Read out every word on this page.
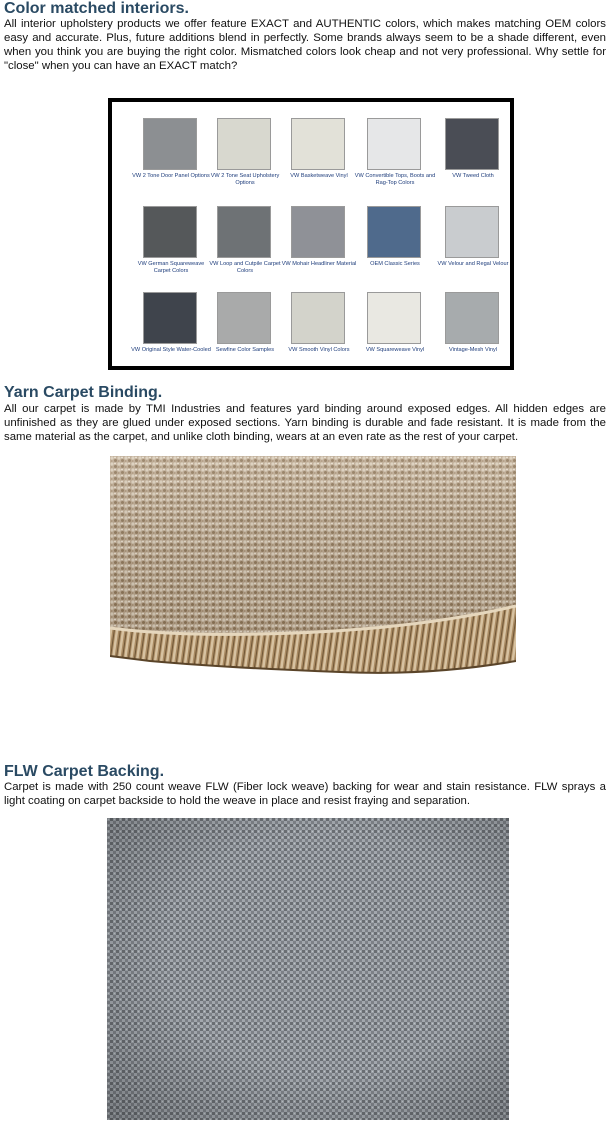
Color matched interiors.

All interior upholstery products we offer feature EXACT and AUTHENTIC colors, which makes matching OEM colors easy and accurate. Plus, future additions blend in perfectly. Some brands always seem to be a shade different, even when you think you are buying the right color. Mismatched colors look cheap and not very professional. Why settle for "close" when you can have an EXACT match?

VW 2 Tone Door Panel Options VW 2 Tone Seat Upholstery Options
VW Basketweave Vinyl	VW Convertible Tops, Boots and Rag-Top Colors
VW Tweed Cloth
VW German Squareweave Carpet Colors
VW Loop and Cutpile Carpet Colors
VW Mohair Headliner Material	OEM Classic Series	VW Velour and Regal Velour
VW Original Style Water-Cooled Sewfine Color Samples	VW Smooth Vinyl Colors	VW Squareweave Vinyl	Vintage-Mesh Vinyl
Yarn Carpet Binding.

All our carpet is made by TMI Industries and features yard binding around exposed edges. All hidden edges are unfinished as they are glued under exposed sections. Yarn binding is durable and fade resistant. It is made from the same material as the carpet, and unlike cloth binding, wears at an even rate as the rest of your carpet.

FLW Carpet Backing.

Carpet is made with 250 count weave FLW (Fiber lock weave) backing for wear and stain resistance. FLW sprays a light coating on carpet backside to hold the weave in place and resist fraying and separation.
